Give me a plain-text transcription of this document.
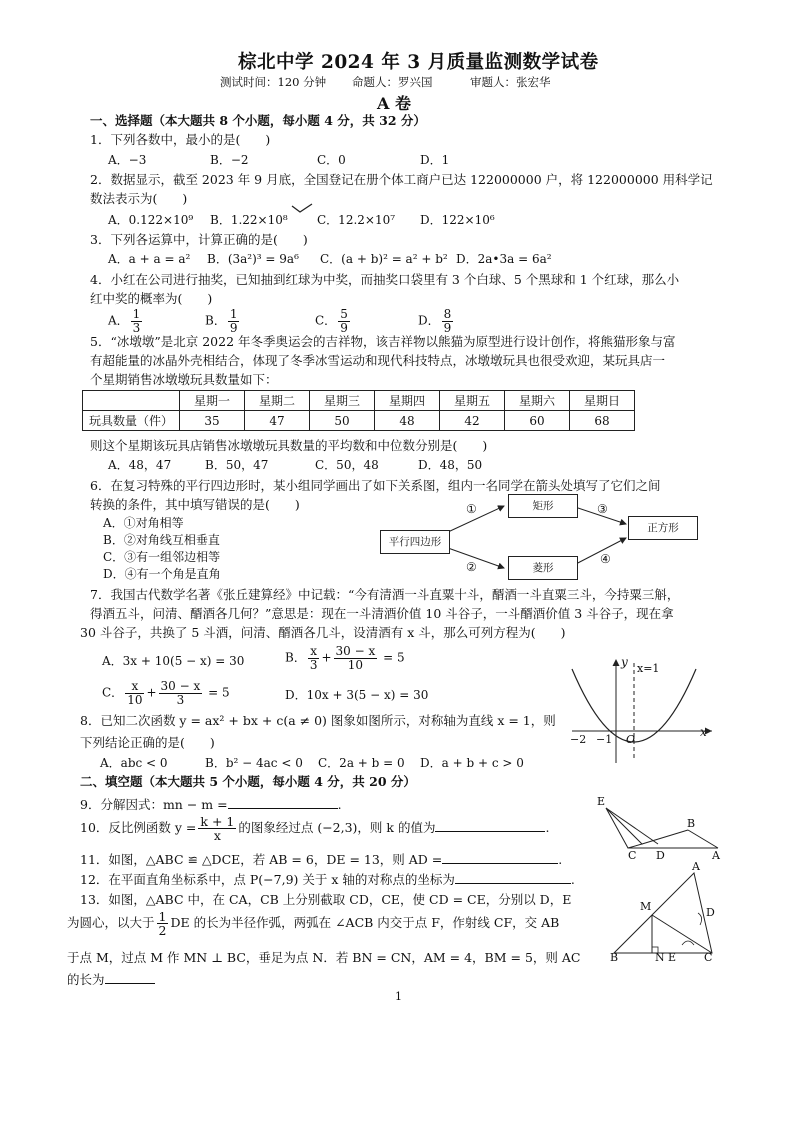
棕北中学 2024 年 3 月质量监测数学试卷
测试时间：120 分钟 命题人：罗兴国	审题人：张宏华
A 卷
一、选择题（本大题共 8 个小题，每小题 4 分，共 32 分）
1．下列各数中，最小的是(　　)
A．−3	B．−2	C．0	D．1
2．数据显示，截至 2023 年 9 月底，全国登记在册个体工商户已达 122000000 户，将 122000000 用科学记
数法表示为(　　)
A．0.122×10⁹ B．1.22×10⁸ C．12.2×10⁷ D．122×10⁶
3．下列各运算中，计算正确的是(　　)
A．a + a = a² B．(3a²)³ = 9a⁶ C．(a + b)² = a² + b² D．2a•3a = 6a²
4．小红在公司进行抽奖，已知抽到红球为中奖，而抽奖口袋里有 3 个白球、5 个黑球和 1 个红球，那么小
红中奖的概率为(　　)
A． $\frac{1}{3}$	B． $\frac{1}{9}$	C． $\frac{5}{9}$	D． $\frac{8}{9}$
5．“冰墩墩”是北京 2022 年冬季奥运会的吉祥物，该吉祥物以熊猫为原型进行设计创作，将熊猫形象与富
有超能量的冰晶外壳相结合，体现了冬季冰雪运动和现代科技特点，冰墩墩玩具也很受欢迎，某玩具店一
个星期销售冰墩墩玩具数量如下：
	星期一	星期二	星期三	星期四	星期五	星期六	星期日
玩具数量（件）	35	47	50	48	42	60	68
则这个星期该玩具店销售冰墩墩玩具数量的平均数和中位数分别是(　　)
A．48，47	B．50，47	C．50，48	D．48，50
6．在复习特殊的平行四边形时，某小组同学画出了如下关系图，组内一名同学在箭头处填写了它们之间
转换的条件，其中填写错误的是(　　)
A．①对角相等
B．②对角线互相垂直
C．③有一组邻边相等
D．④有一个角是直角
平行四边形
矩形
菱形
正方形
①
②
③
④
7．我国古代数学名著《张丘建算经》中记载：“今有清酒一斗直粟十斗，醑酒一斗直粟三斗，今持粟三斛，
得酒五斗，问清、醑酒各几何？”意思是：现在一斗清酒价值 10 斗谷子，一斗醑酒价值 3 斗谷子，现在拿
30 斗谷子，共换了 5 斗酒，问清、醑酒各几斗，设清酒有 x 斗，那么可列方程为(　　)
A．3x + 10(5 − x) = 30	B． $\frac{x}{3} + \frac{30 - x}{10} = 5$
C． $\frac{x}{10} + \frac{30 - x}{3} = 5$	D．10x + 3(5 − x) = 30
y x=1
x
−2 −1 O
8．已知二次函数 y = ax² + bx + c(a ≠ 0) 图象如图所示，对称轴为直线 x = 1，则
下列结论正确的是(　　)
A．abc < 0	B．b² − 4ac < 0 C．2a + b = 0 D．a + b + c > 0
二、填空题（本大题共 5 个小题，每小题 4 分，共 20 分）
9．分解因式：mn − m =	.
10．反比例函数 $y = \frac{k + 1}{x}$ 的图象经过点 (−2,3)，则 k 的值为	.
11．如图，△ABC ≌ △DCE，若 AB = 6，DE = 13，则 AD =	.
12．在平面直角坐标系中，点 P(−7,9) 关于 x 轴的对称点的坐标为	.
E
B
C D	A
13．如图，△ABC 中，在 CA，CB 上分别截取 CD，CE，使 CD = CE，分别以 D，E
为圆心，以大于 $\frac{1}{2}$ DE 的长为半径作弧，两弧在 ∠ACB 内交于点 F，作射线 CF，交 AB
于点 M，过点 M 作 MN ⊥ BC，垂足为点 N．若 BN = CN，AM = 4，BM = 5，则 AC
的长为
A
M	D
B	N E	C
1
